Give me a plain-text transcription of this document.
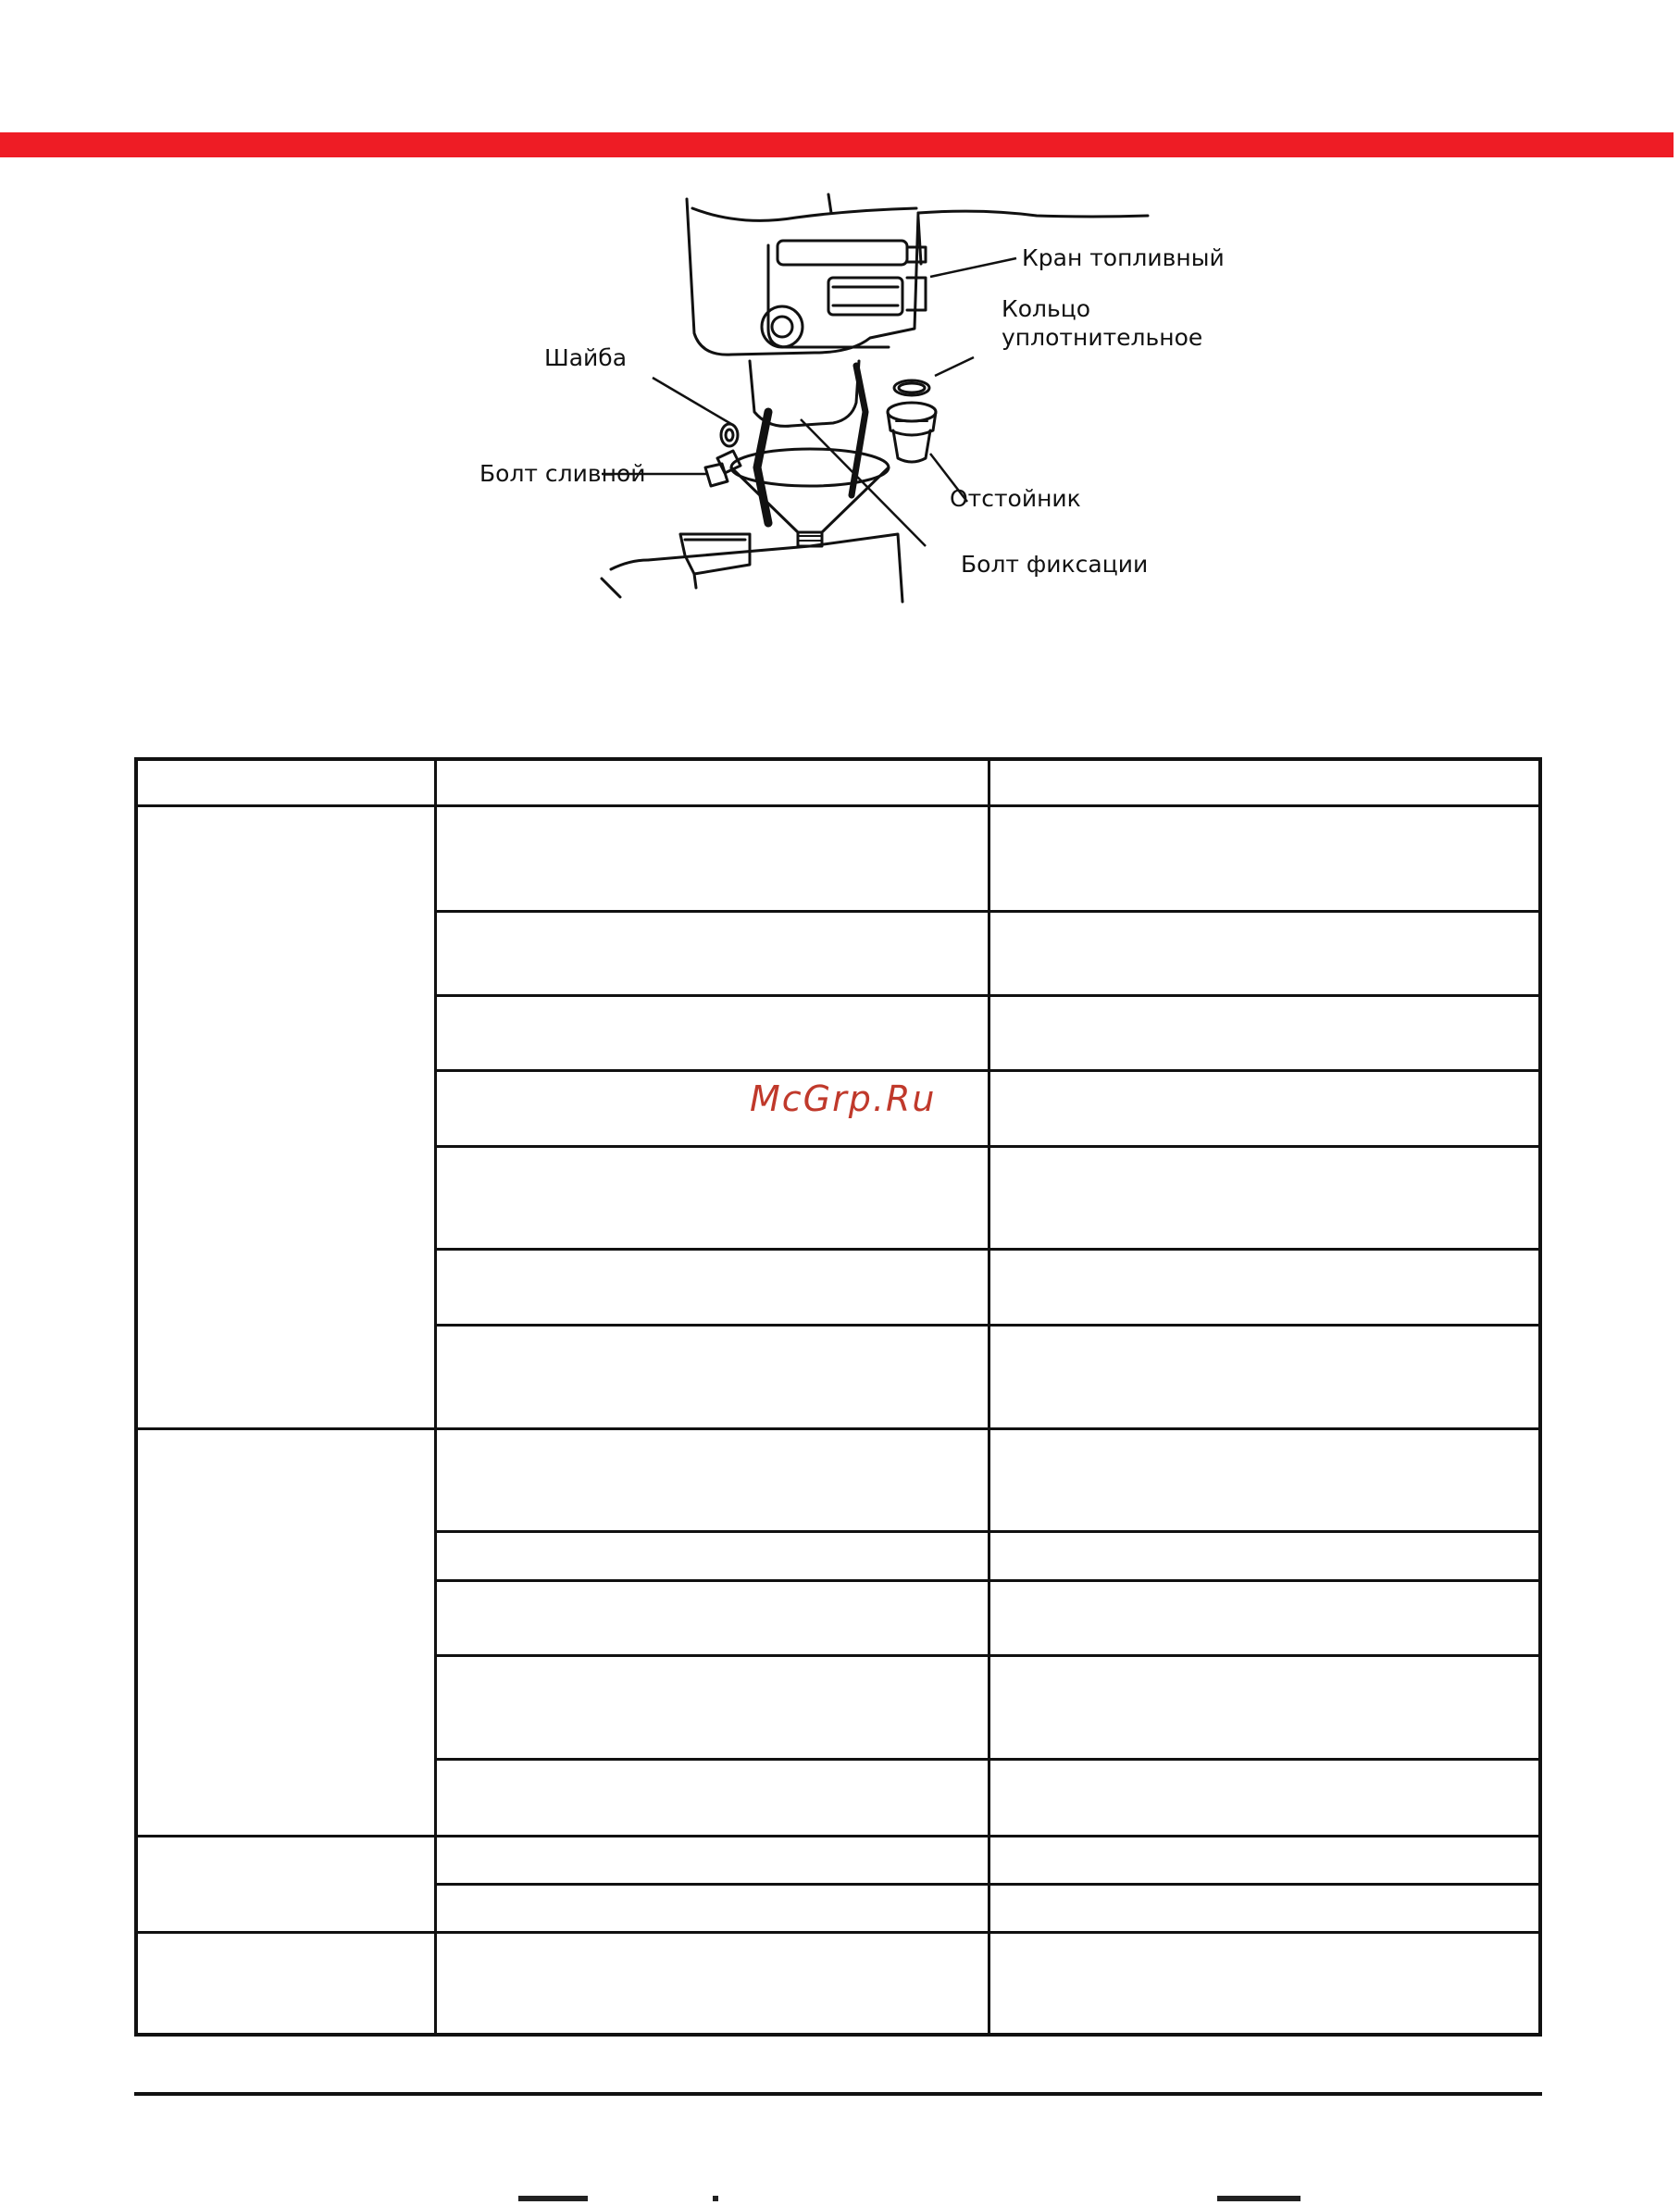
Кран топливный
Кольцо
уплотнительное
Шайба
Болт сливной
Отстойник
Болт фиксации
McGrp.Ru
